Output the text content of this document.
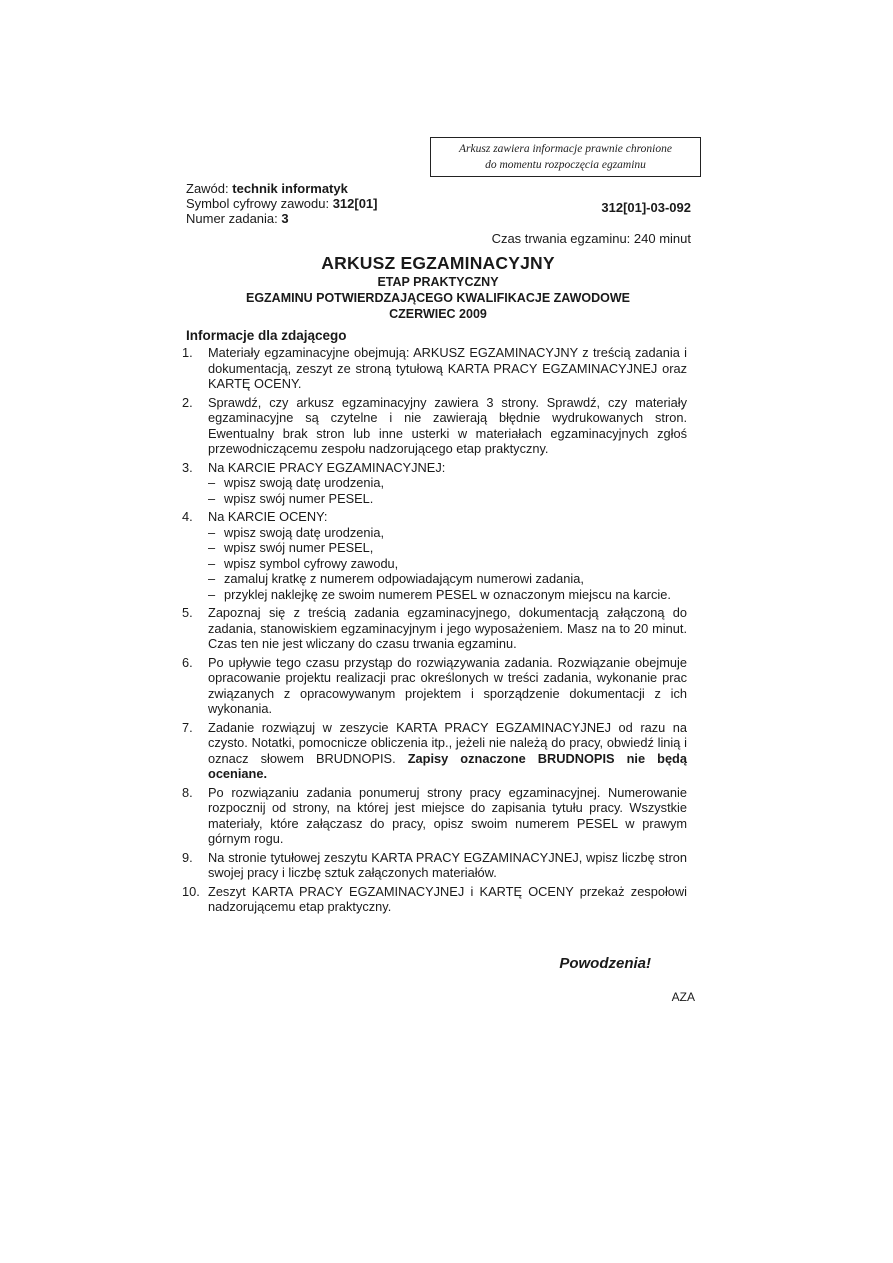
Arkusz zawiera informacje prawnie chronione
do momentu rozpoczęcia egzaminu
Zawód: technik informatyk
Symbol cyfrowy zawodu: 312[01]
Numer zadania: 3
312[01]-03-092
Czas trwania egzaminu: 240 minut
ARKUSZ EGZAMINACYJNY
ETAP PRAKTYCZNY
EGZAMINU POTWIERDZAJĄCEGO KWALIFIKACJE ZAWODOWE
CZERWIEC 2009
Informacje dla zdającego
1. Materiały egzaminacyjne obejmują: ARKUSZ EGZAMINACYJNY z treścią zadania i dokumentacją, zeszyt ze stroną tytułową KARTA PRACY EGZAMINACYJNEJ oraz KARTĘ OCENY.
2. Sprawdź, czy arkusz egzaminacyjny zawiera 3 strony. Sprawdź, czy materiały egzaminacyjne są czytelne i nie zawierają błędnie wydrukowanych stron. Ewentualny brak stron lub inne usterki w materiałach egzaminacyjnych zgłoś przewodniczącemu zespołu nadzorującego etap praktyczny.
3. Na KARCIE PRACY EGZAMINACYJNEJ:
– wpisz swoją datę urodzenia,
– wpisz swój numer PESEL.
4. Na KARCIE OCENY:
– wpisz swoją datę urodzenia,
– wpisz swój numer PESEL,
– wpisz symbol cyfrowy zawodu,
– zamaluj kratkę z numerem odpowiadającym numerowi zadania,
– przyklej naklejkę ze swoim numerem PESEL w oznaczonym miejscu na karcie.
5. Zapoznaj się z treścią zadania egzaminacyjnego, dokumentacją załączoną do zadania, stanowiskiem egzaminacyjnym i jego wyposażeniem. Masz na to 20 minut. Czas ten nie jest wliczany do czasu trwania egzaminu.
6. Po upływie tego czasu przystąp do rozwiązywania zadania. Rozwiązanie obejmuje opracowanie projektu realizacji prac określonych w treści zadania, wykonanie prac związanych z opracowywanym projektem i sporządzenie dokumentacji z ich wykonania.
7. Zadanie rozwiązuj w zeszycie KARTA PRACY EGZAMINACYJNEJ od razu na czysto. Notatki, pomocnicze obliczenia itp., jeżeli nie należą do pracy, obwiedź linią i oznacz słowem BRUDNOPIS. Zapisy oznaczone BRUDNOPIS nie będą oceniane.
8. Po rozwiązaniu zadania ponumeruj strony pracy egzaminacyjnej. Numerowanie rozpocznij od strony, na której jest miejsce do zapisania tytułu pracy. Wszystkie materiały, które załączasz do pracy, opisz swoim numerem PESEL w prawym górnym rogu.
9. Na stronie tytułowej zeszytu KARTA PRACY EGZAMINACYJNEJ, wpisz liczbę stron swojej pracy i liczbę sztuk załączonych materiałów.
10. Zeszyt KARTA PRACY EGZAMINACYJNEJ i KARTĘ OCENY przekaż zespołowi nadzorującemu etap praktyczny.
Powodzenia!
AZA
